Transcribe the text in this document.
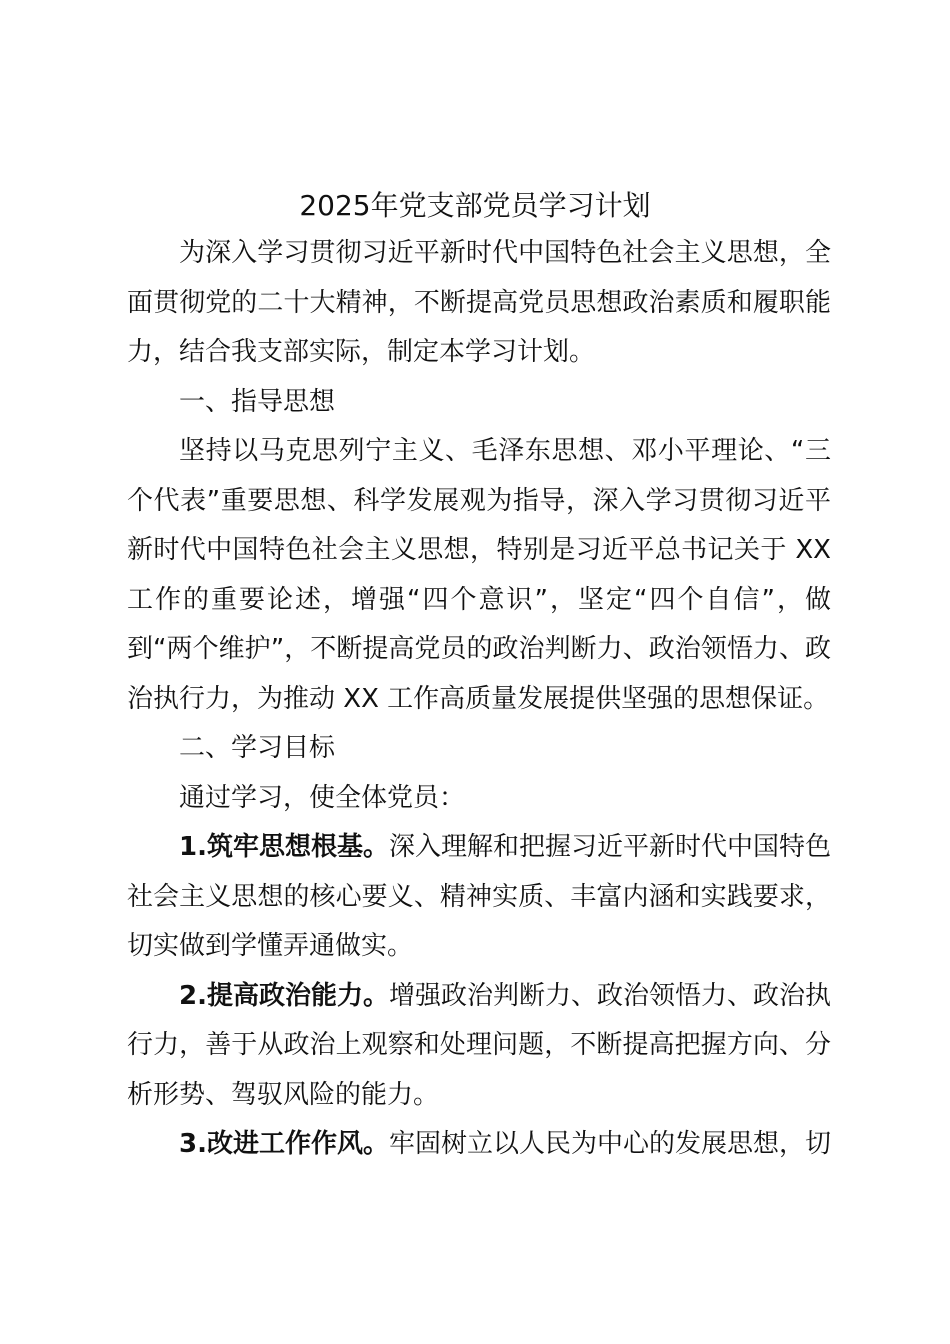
2025年党支部党员学习计划

为深入学习贯彻习近平新时代中国特色社会主义思想，全面贯彻党的二十大精神，不断提高党员思想政治素质和履职能力，结合我支部实际，制定本学习计划。

一、指导思想

坚持以马克思列宁主义、毛泽东思想、邓小平理论、“三个代表”重要思想、科学发展观为指导，深入学习贯彻习近平新时代中国特色社会主义思想，特别是习近平总书记关于 XX 工作的重要论述，增强“四个意识”，坚定“四个自信”，做到“两个维护”，不断提高党员的政治判断力、政治领悟力、政治执行力，为推动 XX 工作高质量发展提供坚强的思想保证。

二、学习目标

通过学习，使全体党员：

1.筑牢思想根基。深入理解和把握习近平新时代中国特色社会主义思想的核心要义、精神实质、丰富内涵和实践要求，切实做到学懂弄通做实。

2.提高政治能力。增强政治判断力、政治领悟力、政治执行力，善于从政治上观察和处理问题，不断提高把握方向、分析形势、驾驭风险的能力。

3.改进工作作风。牢固树立以人民为中心的发展思想，切
